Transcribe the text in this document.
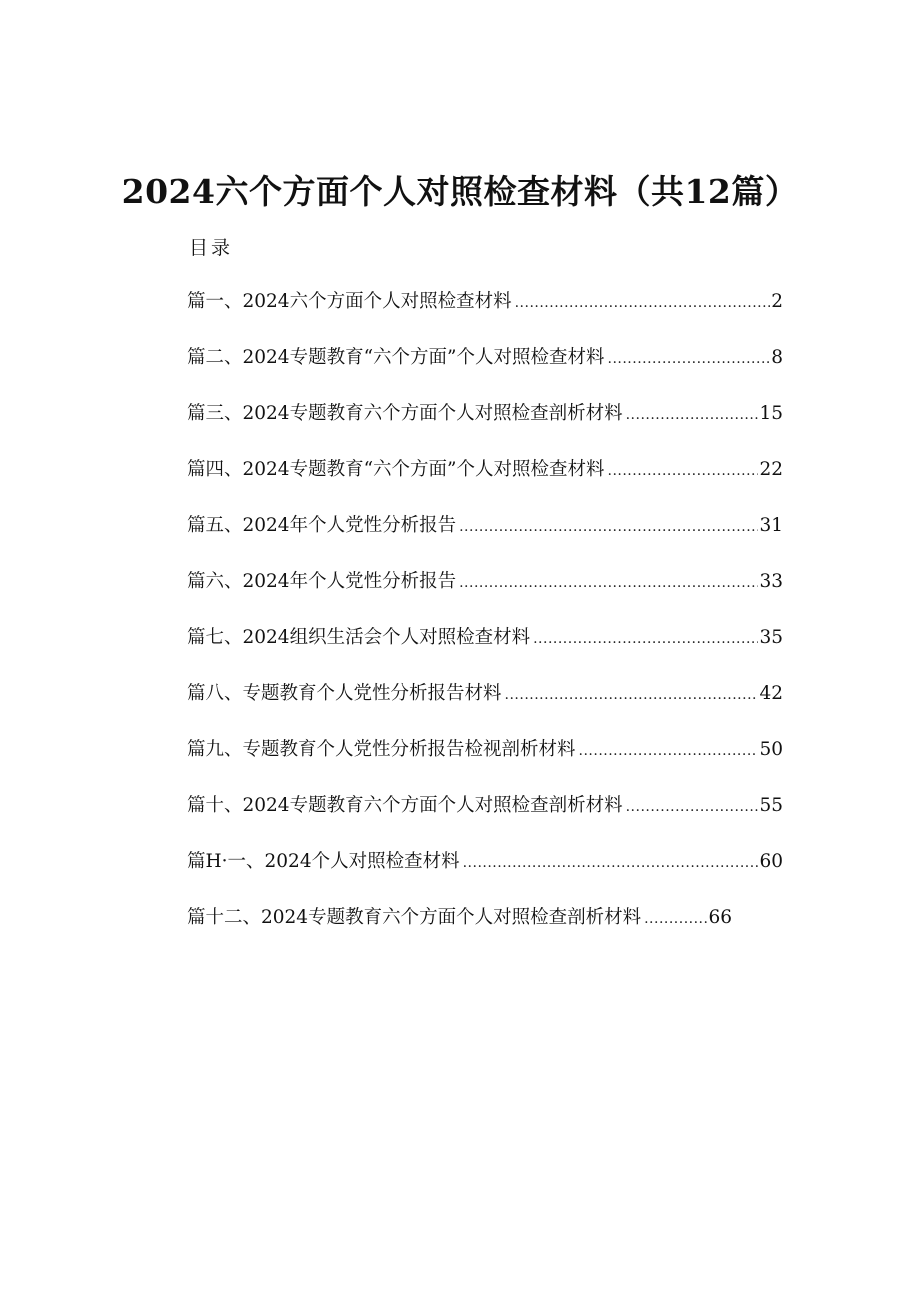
2024六个方面个人对照检查材料（共12篇）
目录
篇一、2024六个方面个人对照检查材料 .....	2
篇二、2024专题教育“六个方面”个人对照检查材料 .....	8
篇三、2024专题教育六个方面个人对照检查剖析材料 .....	15
篇四、2024专题教育“六个方面”个人对照检查材料 .....	22
篇五、2024年个人党性分析报告 .....	31
篇六、2024年个人党性分析报告 .....	33
篇七、2024组织生活会个人对照检查材料 .....	35
篇八、专题教育个人党性分析报告材料 .....	42
篇九、专题教育个人党性分析报告检视剖析材料 .....	50
篇十、2024专题教育六个方面个人对照检查剖析材料 .....	55
篇H·一、2024个人对照检查材料 .....	60
篇十二、2024专题教育六个方面个人对照检查剖析材料 .....	66
